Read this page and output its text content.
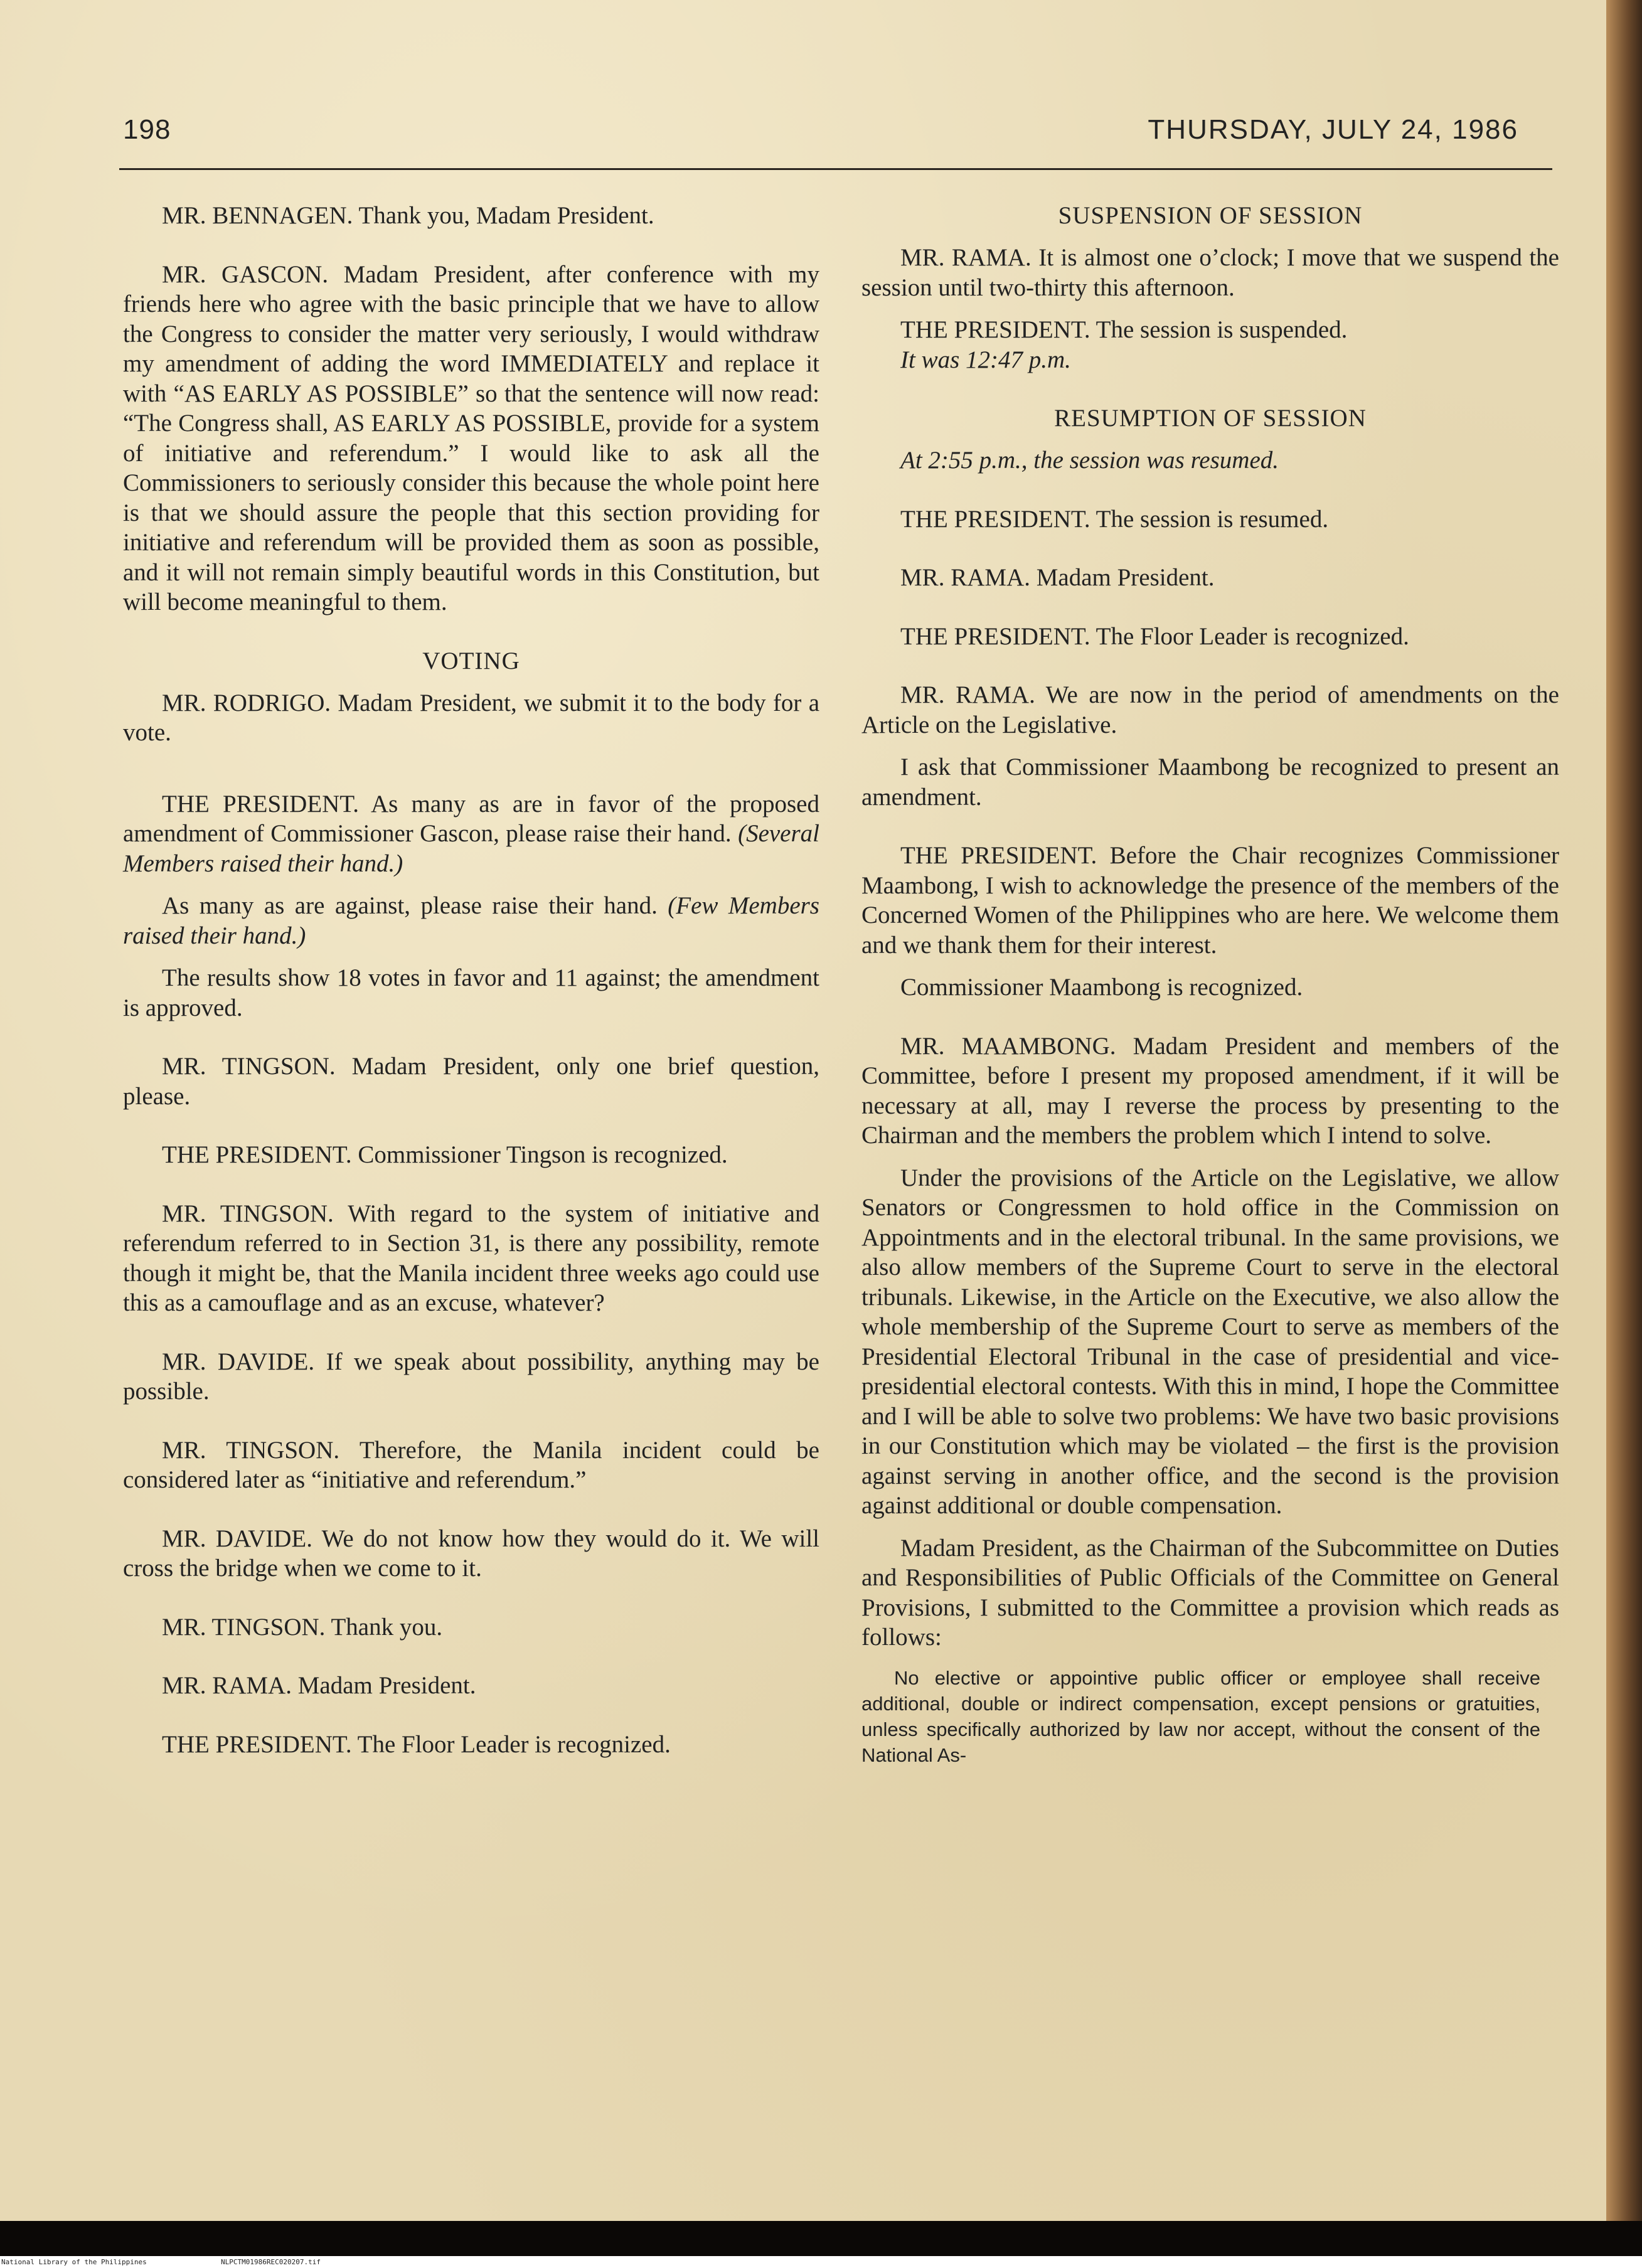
198	THURSDAY, JULY 24, 1986

MR. BENNAGEN. Thank you, Madam President.

MR. GASCON. Madam President, after conference with my friends here who agree with the basic principle that we have to allow the Congress to consider the matter very seriously, I would withdraw my amendment of adding the word IMMEDIATELY and replace it with “AS EARLY AS POSSIBLE” so that the sentence will now read: “The Congress shall, AS EARLY AS POSSIBLE, provide for a system of initiative and referendum.” I would like to ask all the Commissioners to seriously consider this because the whole point here is that we should assure the people that this section providing for initiative and referendum will be provided them as soon as possible, and it will not remain simply beautiful words in this Constitution, but will become meaningful to them.

VOTING

MR. RODRIGO. Madam President, we submit it to the body for a vote.

THE PRESIDENT. As many as are in favor of the proposed amendment of Commissioner Gascon, please raise their hand. (Several Members raised their hand.)

As many as are against, please raise their hand. (Few Members raised their hand.)

The results show 18 votes in favor and 11 against; the amendment is approved.

MR. TINGSON. Madam President, only one brief question, please.

THE PRESIDENT. Commissioner Tingson is recognized.

MR. TINGSON. With regard to the system of initiative and referendum referred to in Section 31, is there any possibility, remote though it might be, that the Manila incident three weeks ago could use this as a camouflage and as an excuse, whatever?

MR. DAVIDE. If we speak about possibility, anything may be possible.

MR. TINGSON. Therefore, the Manila incident could be considered later as “initiative and referendum.”

MR. DAVIDE. We do not know how they would do it. We will cross the bridge when we come to it.

MR. TINGSON. Thank you.

MR. RAMA. Madam President.

THE PRESIDENT. The Floor Leader is recognized.

SUSPENSION OF SESSION

MR. RAMA. It is almost one o’clock; I move that we suspend the session until two-thirty this afternoon.

THE PRESIDENT. The session is suspended.

It was 12:47 p.m.

RESUMPTION OF SESSION

At 2:55 p.m., the session was resumed.

THE PRESIDENT. The session is resumed.

MR. RAMA. Madam President.

THE PRESIDENT. The Floor Leader is recognized.

MR. RAMA. We are now in the period of amendments on the Article on the Legislative.

I ask that Commissioner Maambong be recognized to present an amendment.

THE PRESIDENT. Before the Chair recognizes Commissioner Maambong, I wish to acknowledge the presence of the members of the Concerned Women of the Philippines who are here. We welcome them and we thank them for their interest.

Commissioner Maambong is recognized.

MR. MAAMBONG. Madam President and members of the Committee, before I present my proposed amendment, if it will be necessary at all, may I reverse the process by presenting to the Chairman and the members the problem which I intend to solve.

Under the provisions of the Article on the Legislative, we allow Senators or Congressmen to hold office in the Commission on Appointments and in the electoral tribunal. In the same provisions, we also allow members of the Supreme Court to serve in the electoral tribunals. Likewise, in the Article on the Executive, we also allow the whole membership of the Supreme Court to serve as members of the Presidential Electoral Tribunal in the case of presidential and vice-presidential electoral contests. With this in mind, I hope the Committee and I will be able to solve two problems: We have two basic provisions in our Constitution which may be violated – the first is the provision against serving in another office, and the second is the provision against additional or double compensation.

Madam President, as the Chairman of the Subcommittee on Duties and Responsibilities of Public Officials of the Committee on General Provisions, I submitted to the Committee a provision which reads as follows:

No elective or appointive public officer or employee shall receive additional, double or indirect compensation, except pensions or gratuities, unless specifically authorized by law nor accept, without the consent of the National As-

National Library of the Philippines	NLPCTM01986REC020207.tif
